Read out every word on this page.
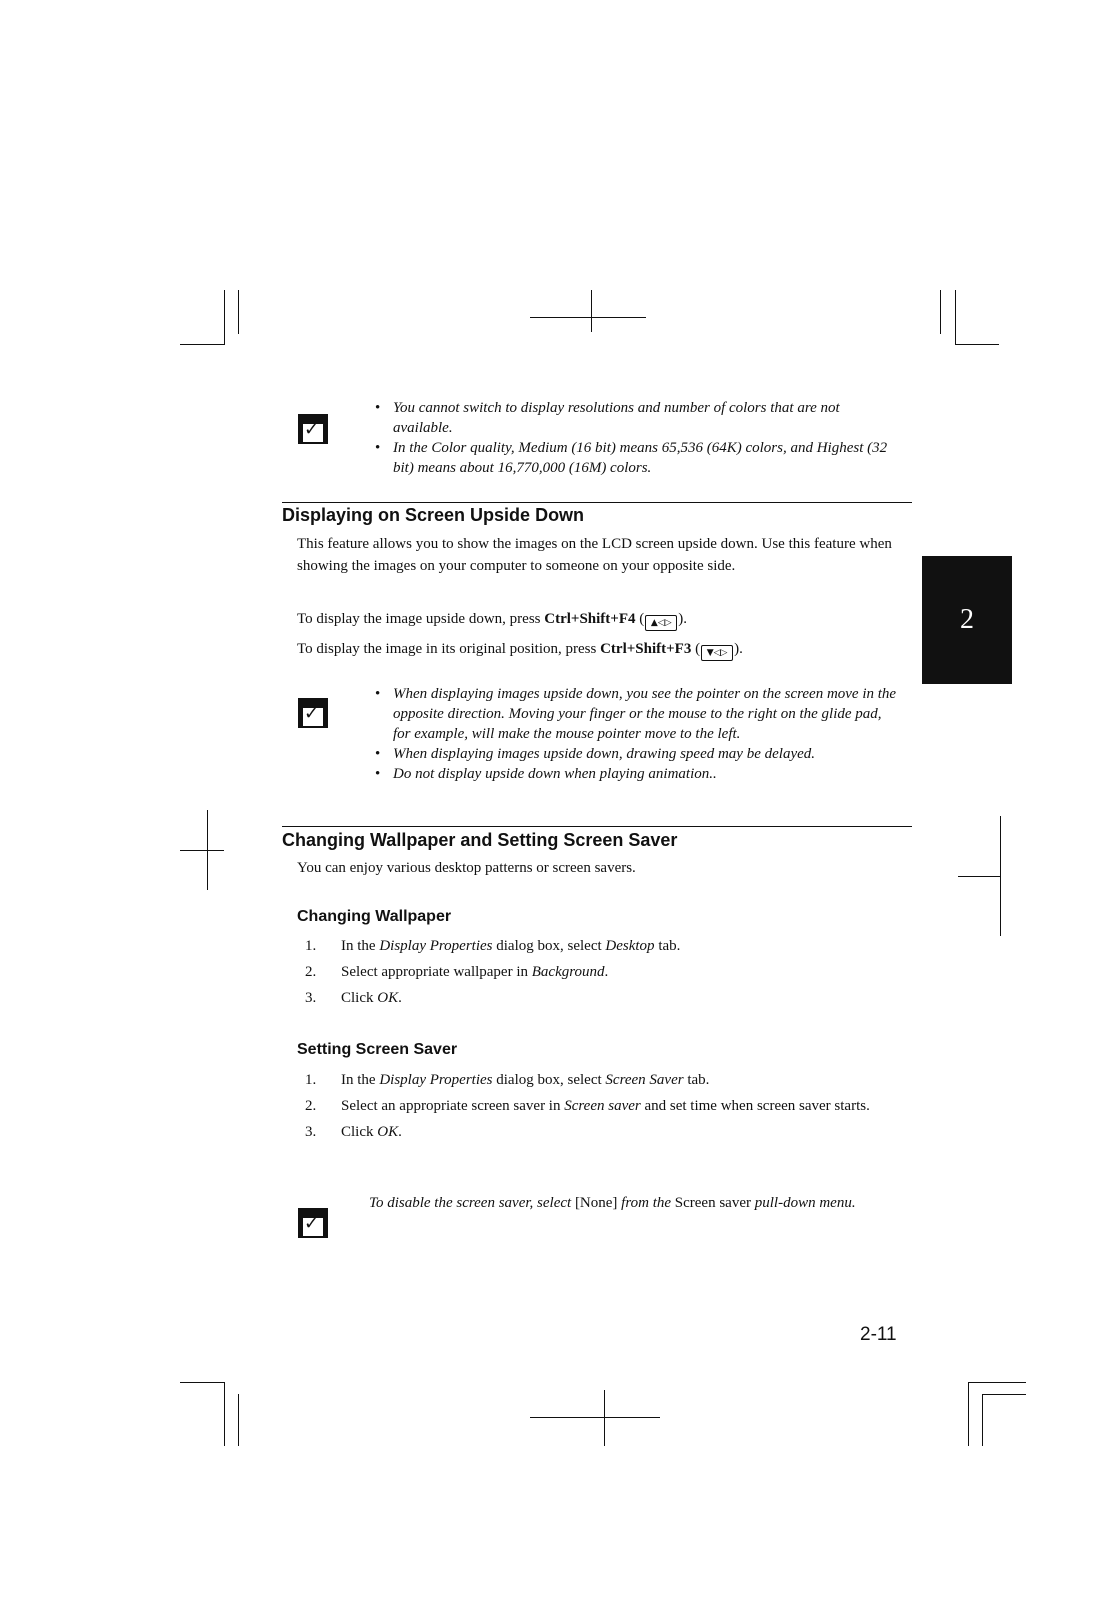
✓
• You cannot switch to display resolutions and number of colors that are not available.
• In the Color quality, Medium (16 bit) means 65,536 (64K) colors, and Highest (32 bit) means about 16,770,000 (16M) colors.
Displaying on Screen Upside Down
This feature allows you to show the images on the LCD screen upside down. Use this feature when showing the images on your computer to someone on your opposite side.
To display the image upside down, press Ctrl+Shift+F4 ( ▲◁▷ ).
To display the image in its original position, press Ctrl+Shift+F3 ( ▼◁▷ ).
✓
• When displaying images upside down, you see the pointer on the screen move in the opposite direction. Moving your finger or the mouse to the right on the glide pad, for example, will make the mouse pointer move to the left.
• When displaying images upside down, drawing speed may be delayed.
• Do not display upside down when playing animation..
2
Changing Wallpaper and Setting Screen Saver
You can enjoy various desktop patterns or screen savers.
Changing Wallpaper
1. In the Display Properties dialog box, select Desktop tab.
2. Select appropriate wallpaper in Background.
3. Click OK.
Setting Screen Saver
1. In the Display Properties dialog box, select Screen Saver tab.
2. Select an appropriate screen saver in Screen saver and set time when screen saver starts.
3. Click OK.
✓
To disable the screen saver, select [None] from the Screen saver pull-down menu.
2-11
